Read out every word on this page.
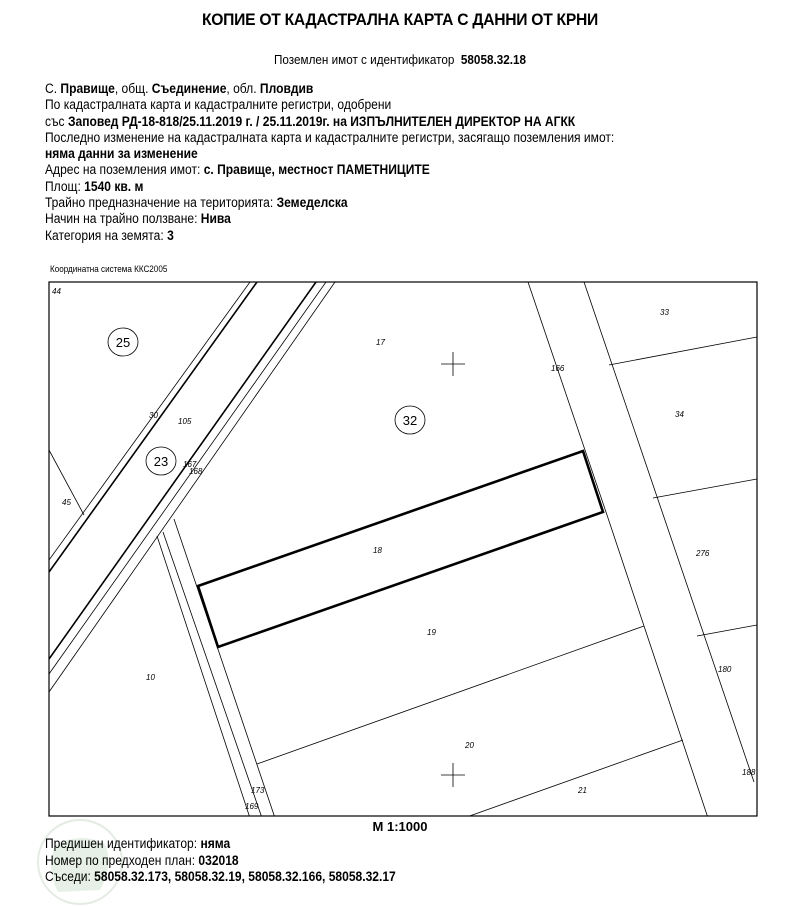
КОПИЕ ОТ КАДАСТРАЛНА КАРТА С ДАННИ ОТ КРНИ
Поземлен имот с идентификатор 58058.32.18
С. Правище, общ. Съединение, обл. Пловдив
По кадастралната карта и кадастралните регистри, одобрени
със Заповед РД-18-818/25.11.2019 г. / 25.11.2019г. на ИЗПЪЛНИТЕЛЕН ДИРЕКТОР НА АГКК
Последно изменение на кадастралната карта и кадастралните регистри, засягащо поземления имот:
няма данни за изменение
Адрес на поземления имот: с. Правище, местност ПАМЕТНИЦИТЕ
Площ: 1540 кв. м
Трайно предназначение на територията: Земеделска
Начин на трайно ползване: Нива
Категория на земята: 3
Координатна система ККС2005
44
17
166
33
30
105
34
167
168
45
18	276
19
10
180
20
188
173	21
169
25
32
23
М 1:1000
Предишен идентификатор: няма
Номер по предходен план: 032018
Съседи: 58058.32.173, 58058.32.19, 58058.32.166, 58058.32.17
